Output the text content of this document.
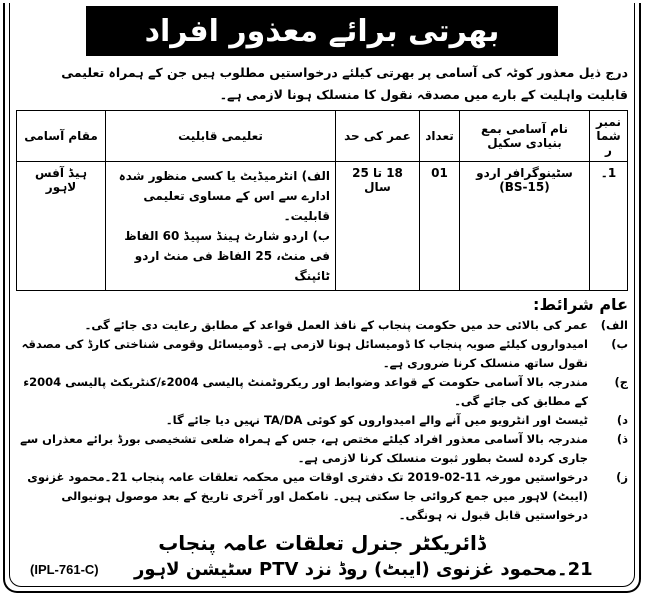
بھرتی برائے معذور افراد
درج ذیل معذور کوٹہ کی آسامی پر بھرتی کیلئے درخواستیں مطلوب ہیں جن کے ہمراہ تعلیمی قابلیت واہلیت کے بارے میں مصدقہ نقول کا منسلک ہونا لازمی ہے۔
نمبر شمار	نام آسامی بمع بنیادی سکیل	تعداد	عمر کی حد	تعلیمی قابلیت	مقام آسامی
1۔	سٹینوگرافر اردو (BS-15)	01	18 تا 25 سال	الف) انٹرمیڈیٹ یا کسی منظور شدہ ادارے سے اس کے مساوی تعلیمی قابلیت۔
ب) اردو شارٹ ہینڈ سپیڈ 60 الفاظ فی منٹ، 25 الفاظ فی منٹ اردو ٹائپنگ	ہیڈ آفس لاہور
عام شرائط:
الف)
عمر کی بالائی حد میں حکومت پنجاب کے نافذ العمل قواعد کے مطابق رعایت دی جائے گی۔
ب)
امیدواروں کیلئے صوبہ پنجاب کا ڈومیسائل ہونا لازمی ہے۔ ڈومیسائل وقومی شناختی کارڈ کی مصدقہ نقول ساتھ منسلک کرنا ضروری ہے۔
ج)
مندرجہ بالا آسامی حکومت کے قواعد وضوابط اور ریکروٹمنٹ پالیسی 2004ء/کنٹریکٹ پالیسی 2004ء کے مطابق کی جائے گی۔
د)
ٹیسٹ اور انٹرویو میں آنے والے امیدواروں کو کوئی TA/DA نہیں دیا جائے گا۔
ذ)
مندرجہ بالا آسامی معذور افراد کیلئے مختص ہے، جس کے ہمراہ ضلعی تشخیصی بورڈ برائے معذراں سے جاری کردہ لسٹ بطور ثبوت منسلک کرنا لازمی ہے۔
ز)
درخواستیں مورخہ 11-02-2019 تک دفتری اوقات میں محکمہ تعلقات عامہ پنجاب 21۔محمود غزنوی (ایبٹ) لاہور میں جمع کروائی جا سکتی ہیں۔ نامکمل اور آخری تاریخ کے بعد موصول ہونیوالی درخواستیں قابل قبول نہ ہونگی۔
ڈائریکٹر جنرل تعلقات عامہ پنجاب
(IPL-761-C)	21۔محمود غزنوی (ایبٹ) روڈ نزد PTV سٹیشن لاہور
